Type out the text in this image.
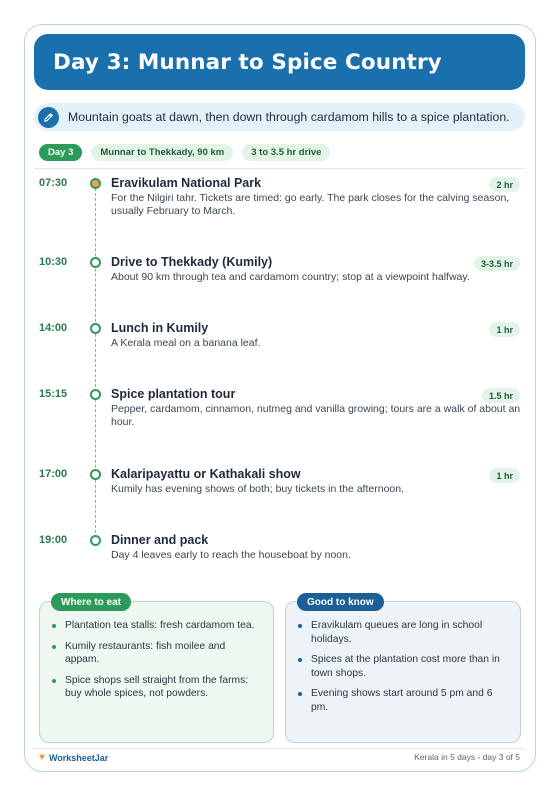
Day 3: Munnar to Spice Country
Mountain goats at dawn, then down through cardamom hills to a spice plantation.
Day 3	Munnar to Thekkady, 90 km	3 to 3.5 hr drive
07:30	Eravikulam National Park
For the Nilgiri tahr. Tickets are timed: go early. The park closes for the calving season, usually February to March.
2 hr
10:30	Drive to Thekkady (Kumily)
About 90 km through tea and cardamom country; stop at a viewpoint halfway.
3-3.5 hr
14:00	Lunch in Kumily
A Kerala meal on a banana leaf.
1 hr
15:15	Spice plantation tour
Pepper, cardamom, cinnamon, nutmeg and vanilla growing; tours are a walk of about an hour.
1.5 hr
17:00	Kalaripayattu or Kathakali show
Kumily has evening shows of both; buy tickets in the afternoon.
1 hr
19:00	Dinner and pack
Day 4 leaves early to reach the houseboat by noon.
Where to eat
Plantation tea stalls: fresh cardamom tea.
Kumily restaurants: fish moilee and appam.
Spice shops sell straight from the farms: buy whole spices, not powders.
Good to know
Eravikulam queues are long in school holidays.
Spices at the plantation cost more than in town shops.
Evening shows start around 5 pm and 6 pm.
♥ WorksheetJar	Kerala in 5 days - day 3 of 5
